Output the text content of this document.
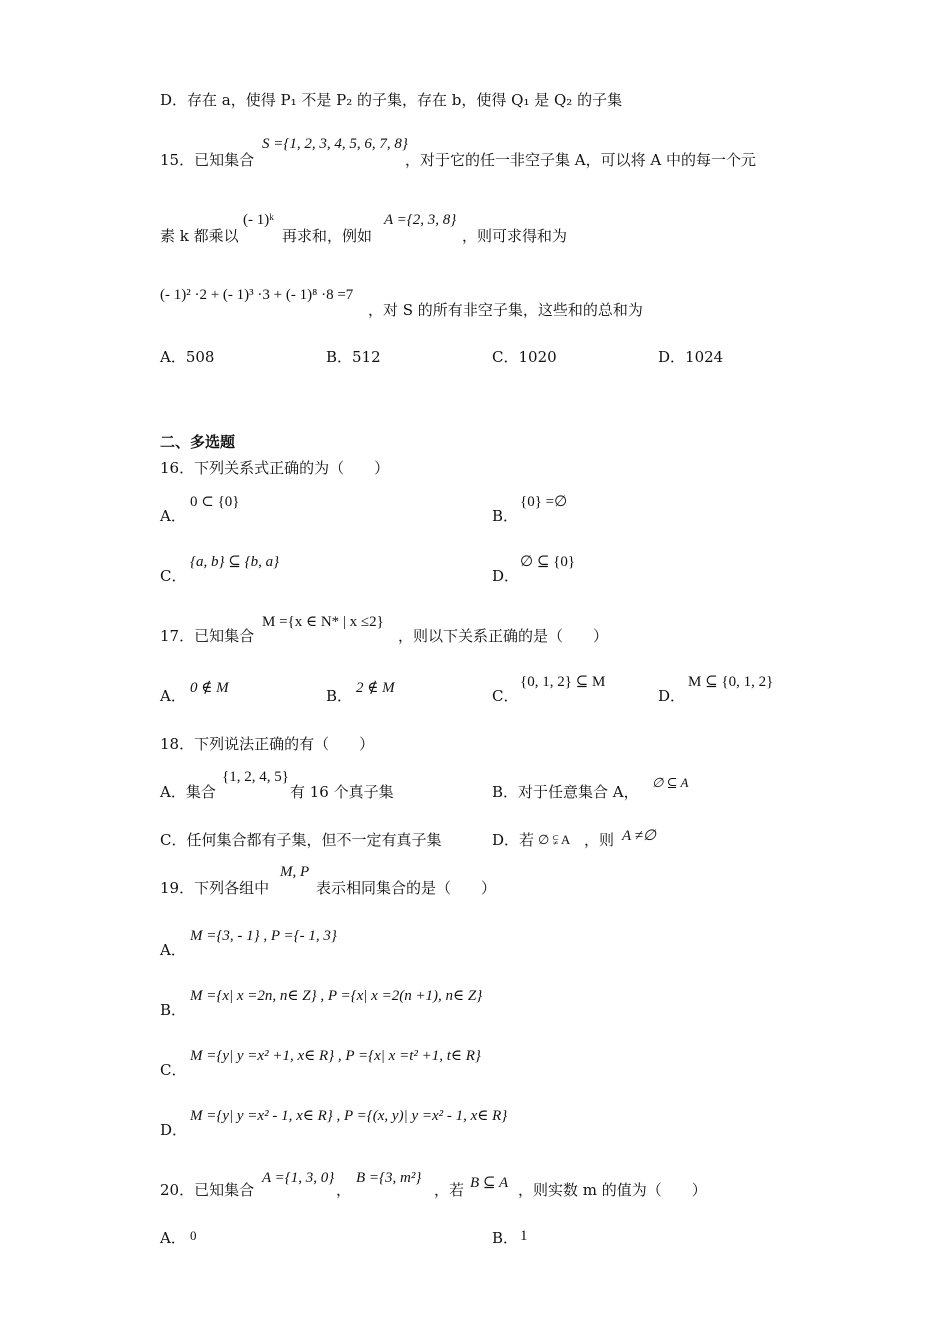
D．存在 a，使得 P₁ 不是 P₂ 的子集，存在 b，使得 Q₁ 是 Q₂ 的子集
15．已知集合
S ={1, 2, 3, 4, 5, 6, 7, 8}
，对于它的任一非空子集 A，可以将 A 中的每一个元
素 k 都乘以
(- 1)ᵏ
再求和，例如
A ={2, 3, 8}
，则可求得和为
(- 1)² ·2 + (- 1)³ ·3 + (- 1)⁸ ·8 =7
，对 S 的所有非空子集，这些和的总和为
A．508	B．512	C．1020	D．1024
二、多选题
16．下列关系式正确的为（　　）
A．
0 ⊂ {0}
B．
{0} =∅
C．
{a, b} ⊆ {b, a}
D．
∅ ⊆ {0}
17．已知集合
M ={x ∈ N* | x ≤2}
，则以下关系正确的是（　　）
A． 0 ∉ M	B． 2 ∉ M	C．
{0, 1, 2} ⊆ M
D．
M ⊆ {0, 1, 2}
18．下列说法正确的有（　　）
A．集合
{1, 2, 4, 5}
有 16 个真子集	B．对于任意集合 A，
∅ ⊆ A
C．任何集合都有子集，但不一定有真子集	D．若 ∅ ⫋ A ，则 A ≠∅
19．下列各组中
M, P
表示相同集合的是（　　）
A．
M ={3, - 1} , P ={- 1, 3}
B．
M ={x| x =2n, n∈ Z} , P ={x| x =2(n +1), n∈ Z}
C．
M ={y| y =x² +1, x∈ R} , P ={x| x =t² +1, t∈ R}
D．
M ={y| y =x² - 1, x∈ R} , P ={(x, y)| y =x² - 1, x∈ R}
20．已知集合
A ={1, 3, 0}
，
B ={3, m²}
，若 B ⊆ A ，则实数 m 的值为（　　）
A． 0	B． 1
